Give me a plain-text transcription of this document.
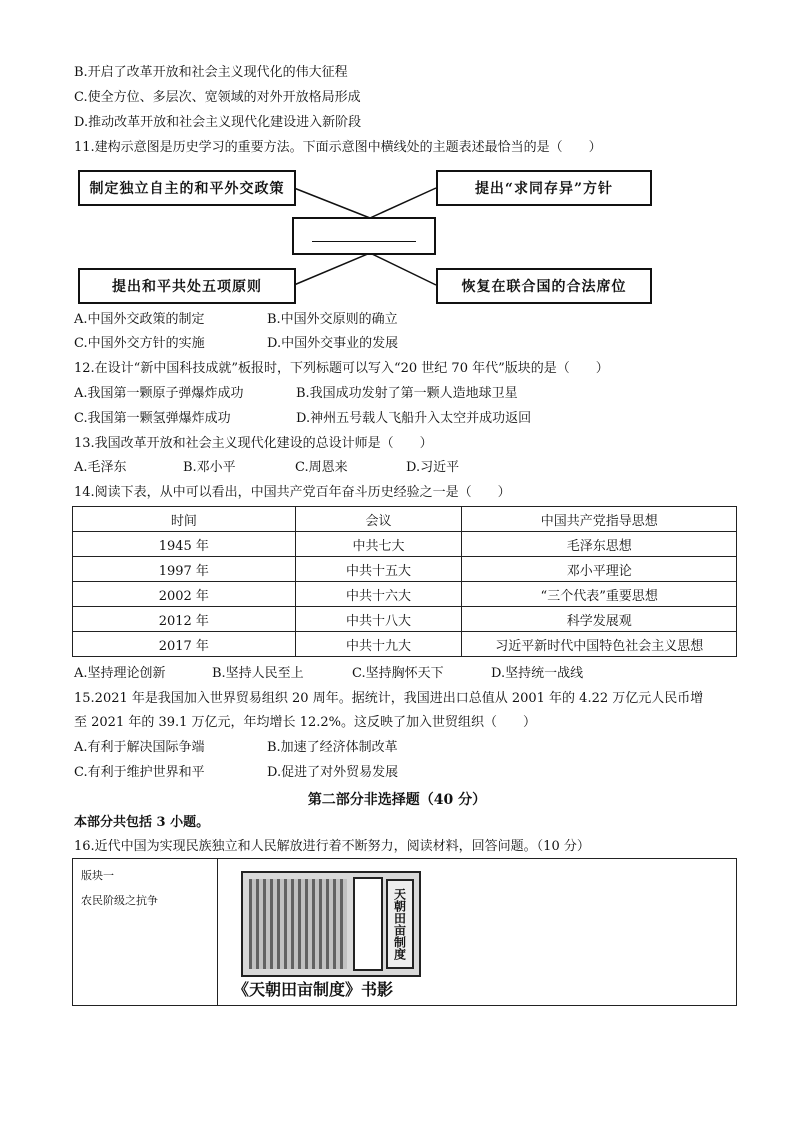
B.开启了改革开放和社会主义现代化的伟大征程
C.使全方位、多层次、宽领域的对外开放格局形成
D.推动改革开放和社会主义现代化建设进入新阶段
11.建构示意图是历史学习的重要方法。下面示意图中横线处的主题表述最恰当的是（　　）
制定独立自主的和平外交政策	提出“求同存异”方针
提出和平共处五项原则	恢复在联合国的合法席位
A.中国外交政策的制定	B.中国外交原则的确立
C.中国外交方针的实施	D.中国外交事业的发展
12.在设计“新中国科技成就”板报时，下列标题可以写入“20 世纪 70 年代”版块的是（　　）
A.我国第一颗原子弹爆炸成功	B.我国成功发射了第一颗人造地球卫星
C.我国第一颗氢弹爆炸成功	D.神州五号载人飞船升入太空并成功返回
13.我国改革开放和社会主义现代化建设的总设计师是（　　）
A.毛泽东	B.邓小平	C.周恩来	D.习近平
14.阅读下表，从中可以看出，中国共产党百年奋斗历史经验之一是（　　）
时间	会议	中国共产党指导思想
1945 年	中共七大	毛泽东思想
1997 年	中共十五大	邓小平理论
2002 年	中共十六大	“三个代表”重要思想
2012 年	中共十八大	科学发展观
2017 年	中共十九大	习近平新时代中国特色社会主义思想
A.坚持理论创新	B.坚持人民至上	C.坚持胸怀天下	D.坚持统一战线
15.2021 年是我国加入世界贸易组织 20 周年。据统计，我国进出口总值从 2001 年的 4.22 万亿元人民币增
至 2021 年的 39.1 万亿元，年均增长 12.2%。这反映了加入世贸组织（　　）
A.有利于解决国际争端	B.加速了经济体制改革
C.有利于维护世界和平	D.促进了对外贸易发展
第二部分非选择题（40 分）
本部分共包括 3 小题。
16.近代中国为实现民族独立和人民解放进行着不断努力，阅读材料，回答问题。（10 分）
版块一
农民阶级之抗争	天朝田亩制度
《天朝田亩制度》书影
